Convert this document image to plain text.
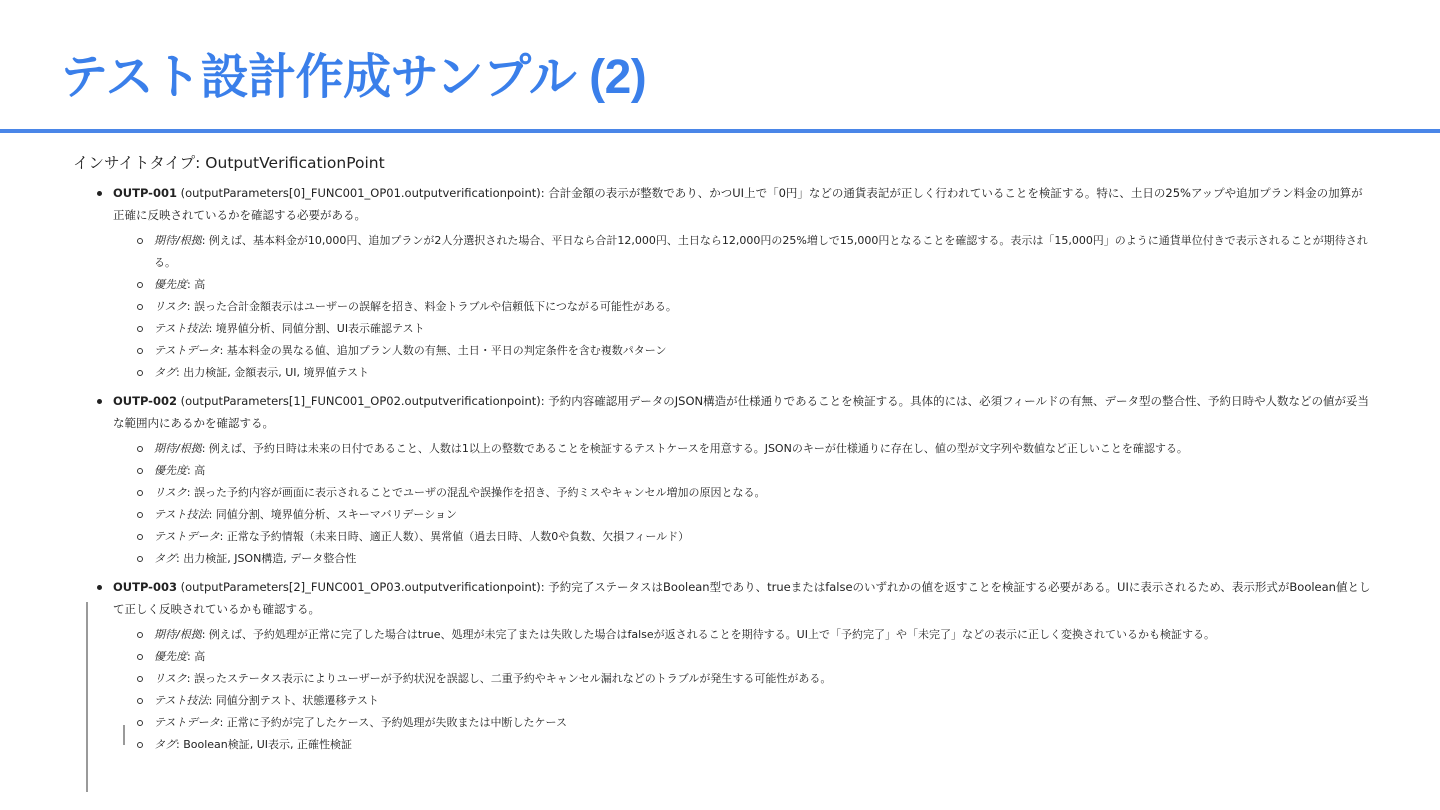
テスト設計作成サンプル (2)

インサイトタイプ: OutputVerificationPoint

OUTP-001 (outputParameters[0]_FUNC001_OP01.outputverificationpoint): 合計金額の表示が整数であり、かつUI上で「0円」などの通貨表記が正しく行われていることを検証する。特に、土日の25%アップや追加プラン料金の加算が正確に反映されているかを確認する必要がある。

期待/根拠: 例えば、基本料金が10,000円、追加プランが2人分選択された場合、平日なら合計12,000円、土日なら12,000円の25%増しで15,000円となることを確認する。表示は「15,000円」のように通貨単位付きで表示されることが期待される。
優先度: 高
リスク: 誤った合計金額表示はユーザーの誤解を招き、料金トラブルや信頼低下につながる可能性がある。
テスト技法: 境界値分析、同値分割、UI表示確認テスト
テストデータ: 基本料金の異なる値、追加プラン人数の有無、土日・平日の判定条件を含む複数パターン
タグ: 出力検証, 金額表示, UI, 境界値テスト

OUTP-002 (outputParameters[1]_FUNC001_OP02.outputverificationpoint): 予約内容確認用データのJSON構造が仕様通りであることを検証する。具体的には、必須フィールドの有無、データ型の整合性、予約日時や人数などの値が妥当な範囲内にあるかを確認する。

期待/根拠: 例えば、予約日時は未来の日付であること、人数は1以上の整数であることを検証するテストケースを用意する。JSONのキーが仕様通りに存在し、値の型が文字列や数値など正しいことを確認する。
優先度: 高
リスク: 誤った予約内容が画面に表示されることでユーザの混乱や誤操作を招き、予約ミスやキャンセル増加の原因となる。
テスト技法: 同値分割、境界値分析、スキーマバリデーション
テストデータ: 正常な予約情報（未来日時、適正人数）、異常値（過去日時、人数0や負数、欠損フィールド）
タグ: 出力検証, JSON構造, データ整合性

OUTP-003 (outputParameters[2]_FUNC001_OP03.outputverificationpoint): 予約完了ステータスはBoolean型であり、trueまたはfalseのいずれかの値を返すことを検証する必要がある。UIに表示されるため、表示形式がBoolean値として正しく反映されているかも確認する。

期待/根拠: 例えば、予約処理が正常に完了した場合はtrue、処理が未完了または失敗した場合はfalseが返されることを期待する。UI上で「予約完了」や「未完了」などの表示に正しく変換されているかも検証する。
優先度: 高
リスク: 誤ったステータス表示によりユーザーが予約状況を誤認し、二重予約やキャンセル漏れなどのトラブルが発生する可能性がある。
テスト技法: 同値分割テスト、状態遷移テスト
テストデータ: 正常に予約が完了したケース、予約処理が失敗または中断したケース
タグ: Boolean検証, UI表示, 正確性検証
